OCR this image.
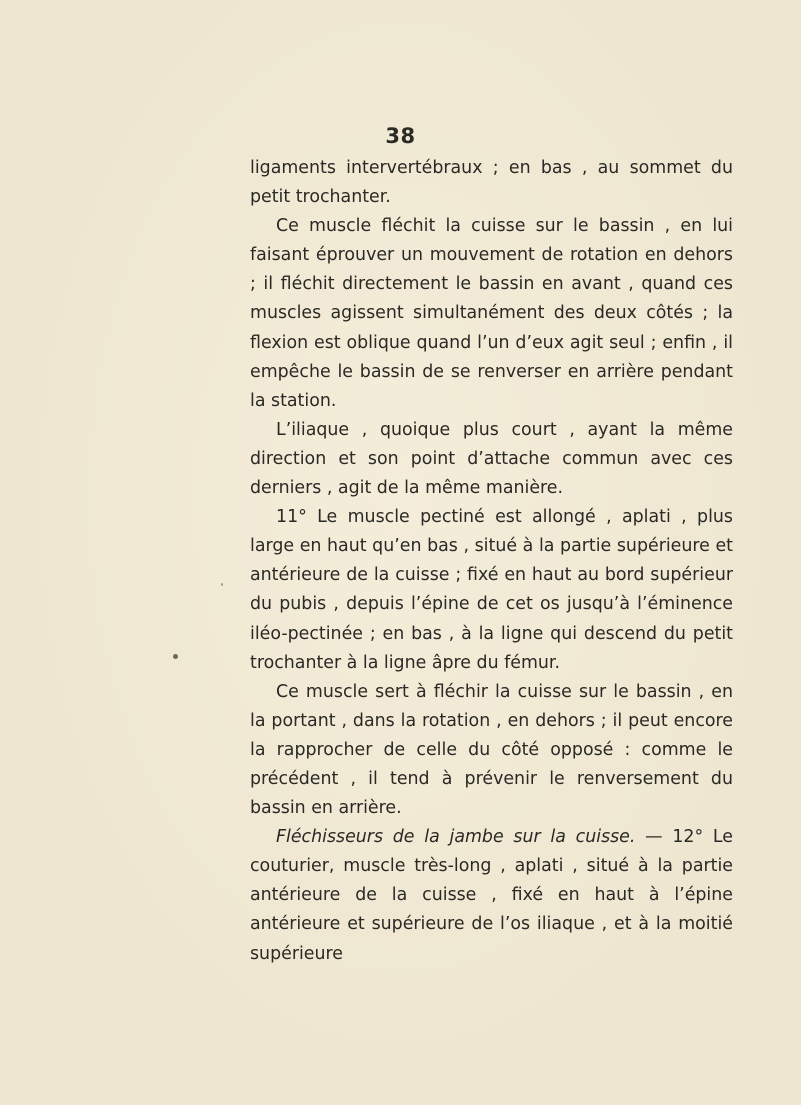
38

ligaments intervertébraux ; en bas , au sommet du petit trochanter.

Ce muscle fléchit la cuisse sur le bassin , en lui faisant éprouver un mouvement de rotation en dehors ; il fléchit directement le bassin en avant , quand ces muscles agissent simultanément des deux côtés ; la flexion est oblique quand l’un d’eux agit seul ; enfin , il empêche le bassin de se renverser en arrière pendant la station.

L’iliaque , quoique plus court , ayant la même direction et son point d’attache commun avec ces derniers , agit de la même manière.

11° Le muscle pectiné est allongé , aplati , plus large en haut qu’en bas , situé à la partie supérieure et antérieure de la cuisse ; fixé en haut au bord supérieur du pubis , depuis l’épine de cet os jusqu’à l’éminence iléo-pectinée ; en bas , à la ligne qui descend du petit trochanter à la ligne âpre du fémur.

Ce muscle sert à fléchir la cuisse sur le bassin , en la portant , dans la rotation , en dehors ; il peut encore la rapprocher de celle du côté opposé : comme le précédent , il tend à prévenir le renversement du bassin en arrière.

Fléchisseurs de la jambe sur la cuisse. — 12° Le couturier, muscle très-long , aplati , situé à la partie antérieure de la cuisse , fixé en haut à l’épine antérieure et supérieure de l’os iliaque , et à la moitié supérieure
